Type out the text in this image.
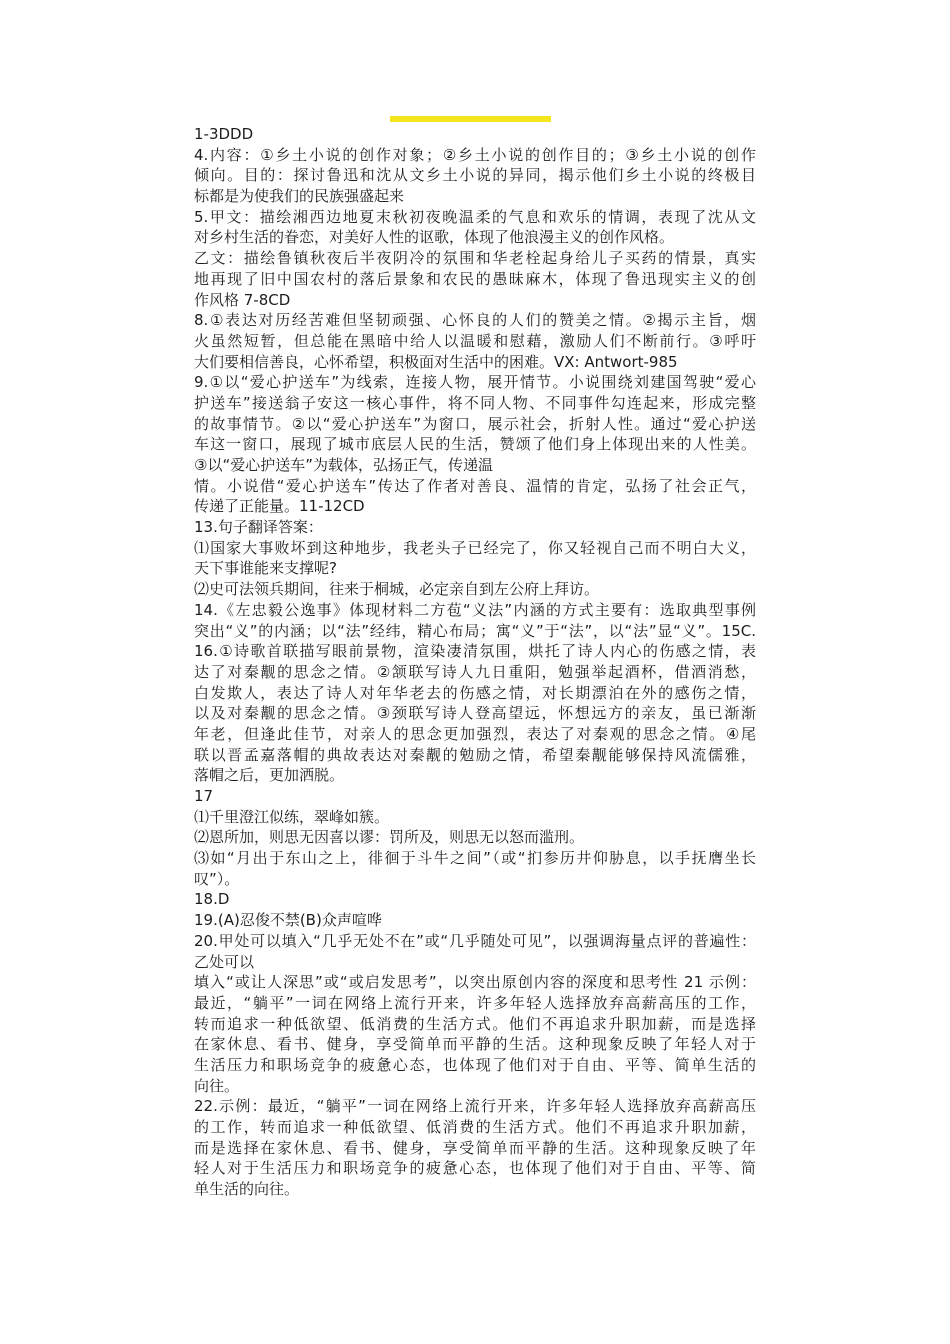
1-3DDD
4.内容：①乡土小说的创作对象；②乡土小说的创作目的；③乡土小说的创作
倾向。目的：探讨鲁迅和沈从文乡土小说的异同，揭示他们乡土小说的终极目
标都是为使我们的民族强盛起来
5.甲文：描绘湘西边地夏末秋初夜晚温柔的气息和欢乐的情调，表现了沈从文
对乡村生活的眷恋，对美好人性的讴歌，体现了他浪漫主义的创作风格。
乙文：描绘鲁镇秋夜后半夜阴冷的氛围和华老栓起身给儿子买药的情景，真实
地再现了旧中国农村的落后景象和农民的愚昧麻木，体现了鲁迅现实主义的创
作风格 7-8CD
8.①表达对历经苦难但坚韧顽强、心怀良的人们的赞美之情。②揭示主旨，烟
火虽然短暂，但总能在黑暗中给人以温暖和慰藉，激励人们不断前行。③呼吁
大们要相信善良，心怀希望，积极面对生活中的困难。VX: Antwort-985
9.①以“爱心护送车”为线索，连接人物，展开情节。小说围绕刘建国驾驶“爱心
护送车”接送翁子安这一核心事件，将不同人物、不同事件勾连起来，形成完整
的故事情节。②以“爱心护送车”为窗口，展示社会，折射人性。通过“爱心护送
车这一窗口，展现了城市底层人民的生活，赞颂了他们身上体现出来的人性美。
③以“爱心护送车”为载体，弘扬正气，传递温
情。小说借“爱心护送车”传达了作者对善良、温情的肯定，弘扬了社会正气，
传递了正能量。11-12CD
13.句子翻译答案：
⑴国家大事败坏到这种地步，我老头子已经完了，你又轻视自己而不明白大义，
天下事谁能来支撑呢?
⑵史可法领兵期间，往来于桐城，必定亲自到左公府上拜访。
14.《左忠毅公逸事》体现材料二方苞“义法”内涵的方式主要有：选取典型事例
突出“义”的内涵；以“法”经纬，精心布局；寓“义”于“法”，以“法”显“义”。15C.
16.①诗歌首联描写眼前景物，渲染凄清氛围，烘托了诗人内心的伤感之情，表
达了对秦觏的思念之情。②颔联写诗人九日重阳，勉强举起酒杯，借酒消愁，
白发欺人，表达了诗人对年华老去的伤感之情，对长期漂泊在外的感伤之情，
以及对秦觏的思念之情。③颈联写诗人登高望远，怀想远方的亲友，虽已渐渐
年老，但逢此佳节，对亲人的思念更加强烈，表达了对秦观的思念之情。④尾
联以晋孟嘉落帽的典故表达对秦觏的勉励之情，希望秦觏能够保持风流儒雅，
落帽之后，更加洒脱。
17
⑴千里澄江似练，翠峰如簇。
⑵恩所加，则思无因喜以谬：罚所及，则思无以怒而滥刑。
⑶如“月出于东山之上，徘徊于斗牛之间”（或“扪参历井仰胁息，以手抚膺坐长
叹”）。
18.D
19.(A)忍俊不禁(B)众声喧哗
20.甲处可以填入“几乎无处不在”或“几乎随处可见”，以强调海量点评的普遍性：
乙处可以
填入“或让人深思”或“或启发思考”，以突出原创内容的深度和思考性 21 示例：
最近，“躺平”一词在网络上流行开来，许多年轻人选择放弃高薪高压的工作，
转而追求一种低欲望、低消费的生活方式。他们不再追求升职加薪，而是选择
在家休息、看书、健身，享受简单而平静的生活。这种现象反映了年轻人对于
生活压力和职场竞争的疲惫心态，也体现了他们对于自由、平等、简单生活的
向往。
22.示例：最近，“躺平”一词在网络上流行开来，许多年轻人选择放弃高薪高压
的工作，转而追求一种低欲望、低消费的生活方式。他们不再追求升职加薪，
而是选择在家休息、看书、健身，享受简单而平静的生活。这种现象反映了年
轻人对于生活压力和职场竞争的疲惫心态，也体现了他们对于自由、平等、简
单生活的向往。
